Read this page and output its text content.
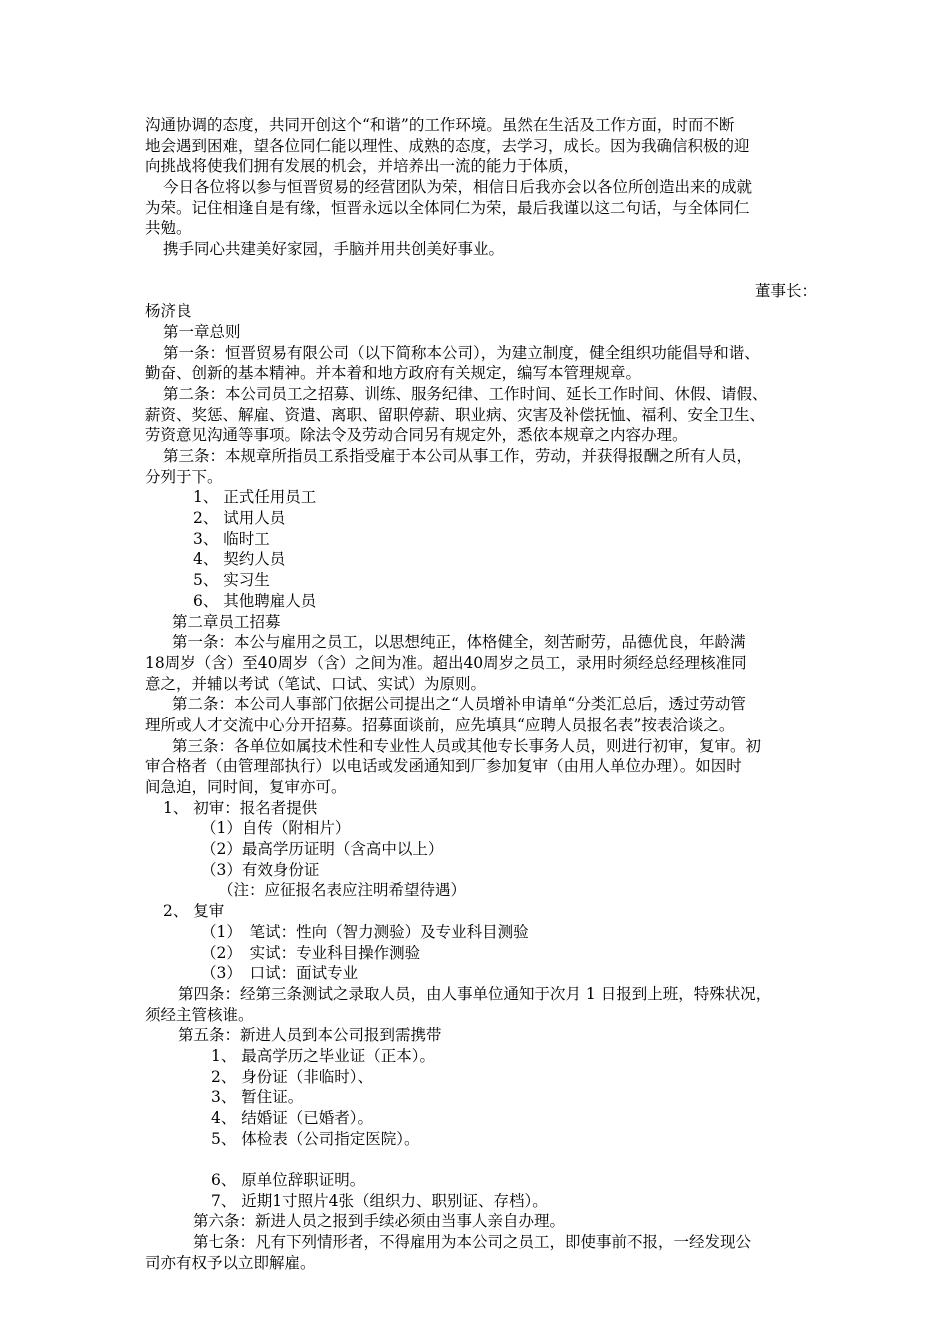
沟通协调的态度，共同开创这个“和谐”的工作环境。虽然在生活及工作方面，时而不断
地会遇到困难，望各位同仁能以理性、成熟的态度，去学习，成长。因为我确信积极的迎
向挑战将使我们拥有发展的机会，并培养出一流的能力于体质，
今日各位将以参与恒晋贸易的经营团队为荣，相信日后我亦会以各位所创造出来的成就
为荣。记住相逢自是有缘，恒晋永远以全体同仁为荣，最后我谨以这二句话，与全体同仁
共勉。
携手同心共建美好家园，手脑并用共创美好事业。
董事长：
杨济良
第一章总则
第一条：恒晋贸易有限公司（以下简称本公司），为建立制度，健全组织功能倡导和谐、
勤奋、创新的基本精神。并本着和地方政府有关规定，编写本管理规章。
第二条：本公司员工之招募、训练、服务纪律、工作时间、延长工作时间、休假、请假、
薪资、奖惩、解雇、资遣、离职、留职停薪、职业病、灾害及补偿抚恤、福利、安全卫生、
劳资意见沟通等事项。除法令及劳动合同另有规定外，悉依本规章之内容办理。
第三条：本规章所指员工系指受雇于本公司从事工作，劳动，并获得报酬之所有人员，
分列于下。
1、 正式任用员工
2、 试用人员
3、 临时工
4、 契约人员
5、 实习生
6、 其他聘雇人员
第二章员工招募
第一条：本公与雇用之员工，以思想纯正，体格健全，刻苦耐劳，品德优良，年龄满
18周岁（含）至40周岁（含）之间为准。超出40周岁之员工，录用时须经总经理核准同
意之，并辅以考试（笔试、口试、实试）为原则。
第二条：本公司人事部门依据公司提出之“人员增补申请单“分类汇总后，透过劳动管
理所或人才交流中心分开招募。招募面谈前，应先填具“应聘人员报名表”按表洽谈之。
第三条：各单位如属技术性和专业性人员或其他专长事务人员，则进行初审，复审。初
审合格者（由管理部执行）以电话或发函通知到厂参加复审（由用人单位办理）。如因时
间急迫，同时间，复审亦可。
1、 初审：报名者提供
（1）自传（附相片）
（2）最高学历证明（含高中以上）
（3）有效身份证
（注：应征报名表应注明希望待遇）
2、 复审
（1）　笔试：性向（智力测验）及专业科目测验
（2）　实试：专业科目操作测验
（3）　口试：面试专业
第四条：经第三条测试之录取人员，由人事单位通知于次月 1 日报到上班，特殊状况，
须经主管核谁。
第五条：新进人员到本公司报到需携带
1、 最高学历之毕业证（正本）。
2、 身份证（非临时）、
3、 暂住证。
4、 结婚证（已婚者）。
5、 体检表（公司指定医院）。
6、 原单位辞职证明。
7、 近期1寸照片4张（组织力、职别证、存档）。
第六条：新进人员之报到手续必须由当事人亲自办理。
第七条：凡有下列情形者，不得雇用为本公司之员工，即使事前不报，一经发现公
司亦有权予以立即解雇。
